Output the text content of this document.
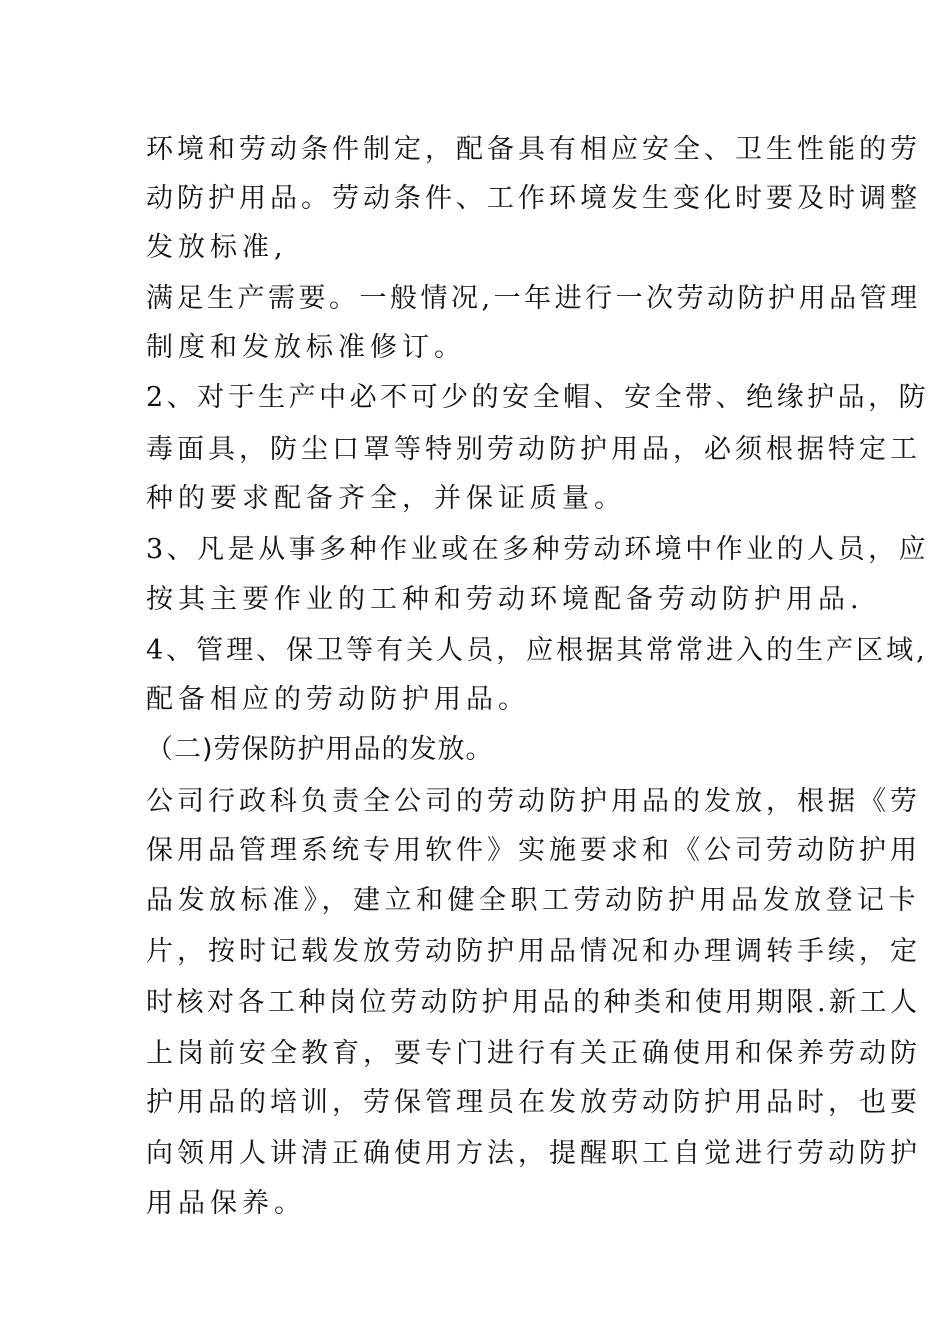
环境和劳动条件制定，配备具有相应安全、卫生性能的劳
动防护用品。劳动条件、工作环境发生变化时要及时调整
发放标准,
满足生产需要。一般情况,一年进行一次劳动防护用品管理
制度和发放标准修订。
2、对于生产中必不可少的安全帽、安全带、绝缘护品，防
毒面具，防尘口罩等特别劳动防护用品，必须根据特定工
种的要求配备齐全，并保证质量。
3、凡是从事多种作业或在多种劳动环境中作业的人员，应
按其主要作业的工种和劳动环境配备劳动防护用品.
4、管理、保卫等有关人员，应根据其常常进入的生产区域,
配备相应的劳动防护用品。
（二)劳保防护用品的发放。
公司行政科负责全公司的劳动防护用品的发放，根据《劳
保用品管理系统专用软件》实施要求和《公司劳动防护用
品发放标准》，建立和健全职工劳动防护用品发放登记卡
片，按时记载发放劳动防护用品情况和办理调转手续，定
时核对各工种岗位劳动防护用品的种类和使用期限.新工人
上岗前安全教育，要专门进行有关正确使用和保养劳动防
护用品的培训，劳保管理员在发放劳动防护用品时，也要
向领用人讲清正确使用方法，提醒职工自觉进行劳动防护
用品保养。
